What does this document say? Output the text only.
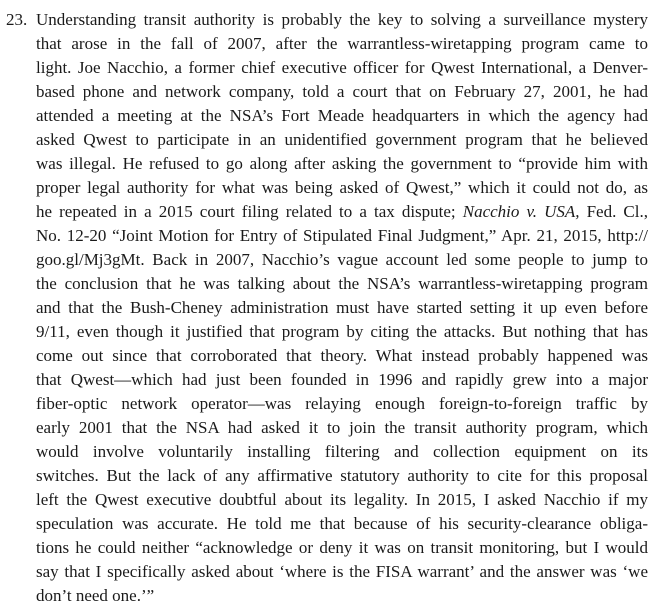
23. Understanding transit authority is probably the key to solving a surveillance mystery
that arose in the fall of 2007, after the warrantless-wiretapping program came to
light. Joe Nacchio, a former chief executive officer for Qwest International, a Denver-
based phone and network company, told a court that on February 27, 2001, he had
attended a meeting at the NSA’s Fort Meade headquarters in which the agency had
asked Qwest to participate in an unidentified government program that he believed
was illegal. He refused to go along after asking the government to “provide him with
proper legal authority for what was being asked of Qwest,” which it could not do, as
he repeated in a 2015 court filing related to a tax dispute; Nacchio v. USA, Fed. Cl.,
No. 12-20 “Joint Motion for Entry of Stipulated Final Judgment,” Apr. 21, 2015, http://
goo.gl/Mj3gMt. Back in 2007, Nacchio’s vague account led some people to jump to
the conclusion that he was talking about the NSA’s warrantless-wiretapping program
and that the Bush-Cheney administration must have started setting it up even before
9/11, even though it justified that program by citing the attacks. But nothing that has
come out since that corroborated that theory. What instead probably happened was
that Qwest—which had just been founded in 1996 and rapidly grew into a major
fiber-optic network operator—was relaying enough foreign-to-foreign traffic by
early 2001 that the NSA had asked it to join the transit authority program, which
would involve voluntarily installing filtering and collection equipment on its
switches. But the lack of any affirmative statutory authority to cite for this proposal
left the Qwest executive doubtful about its legality. In 2015, I asked Nacchio if my
speculation was accurate. He told me that because of his security-clearance obliga-
tions he could neither “acknowledge or deny it was on transit monitoring, but I would
say that I specifically asked about ‘where is the FISA warrant’ and the answer was ‘we
don’t need one.’”
